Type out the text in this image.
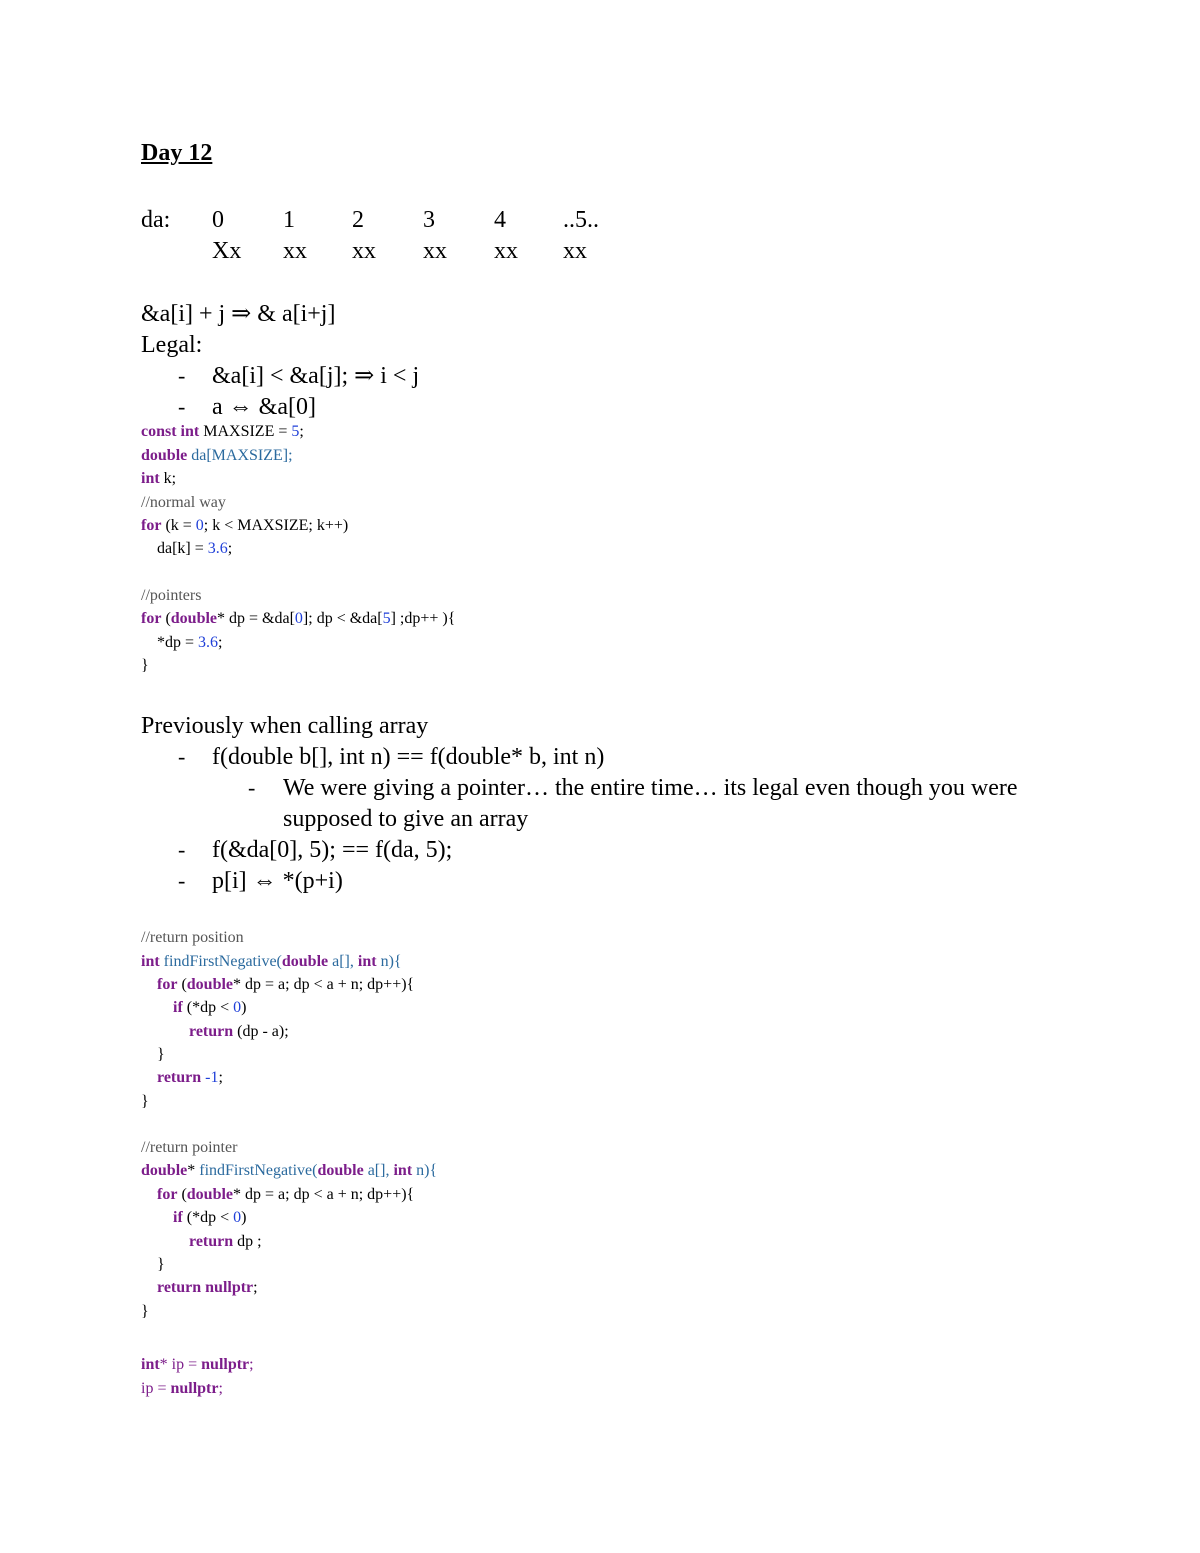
Day 12
da: 0 1 2 3 4 ..5..
Xx xx xx xx xx xx
&a[i] + j ⇒ & a[i+j]
Legal:
- &a[i] < &a[j]; ⇒ i < j
- a ⇔ &a[0]
const int MAXSIZE = 5;
double da[MAXSIZE];
int k;
//normal way
for (k = 0; k < MAXSIZE; k++)
da[k] = 3.6;
//pointers
for (double* dp = &da[0]; dp < &da[5] ;dp++ ){
*dp = 3.6;
}
Previously when calling array
- f(double b[], int n) == f(double* b, int n)
- We were giving a pointer… the entire time… its legal even though you were
supposed to give an array
- f(&da[0], 5); == f(da, 5);
- p[i] ⇔ *(p+i)
//return position
int findFirstNegative(double a[], int n){
for (double* dp = a; dp < a + n; dp++){
if (*dp < 0)
return (dp - a);
}
return -1;
}
//return pointer
double* findFirstNegative(double a[], int n){
for (double* dp = a; dp < a + n; dp++){
if (*dp < 0)
return dp ;
}
return nullptr;
}
int* ip = nullptr;
ip = nullptr;
